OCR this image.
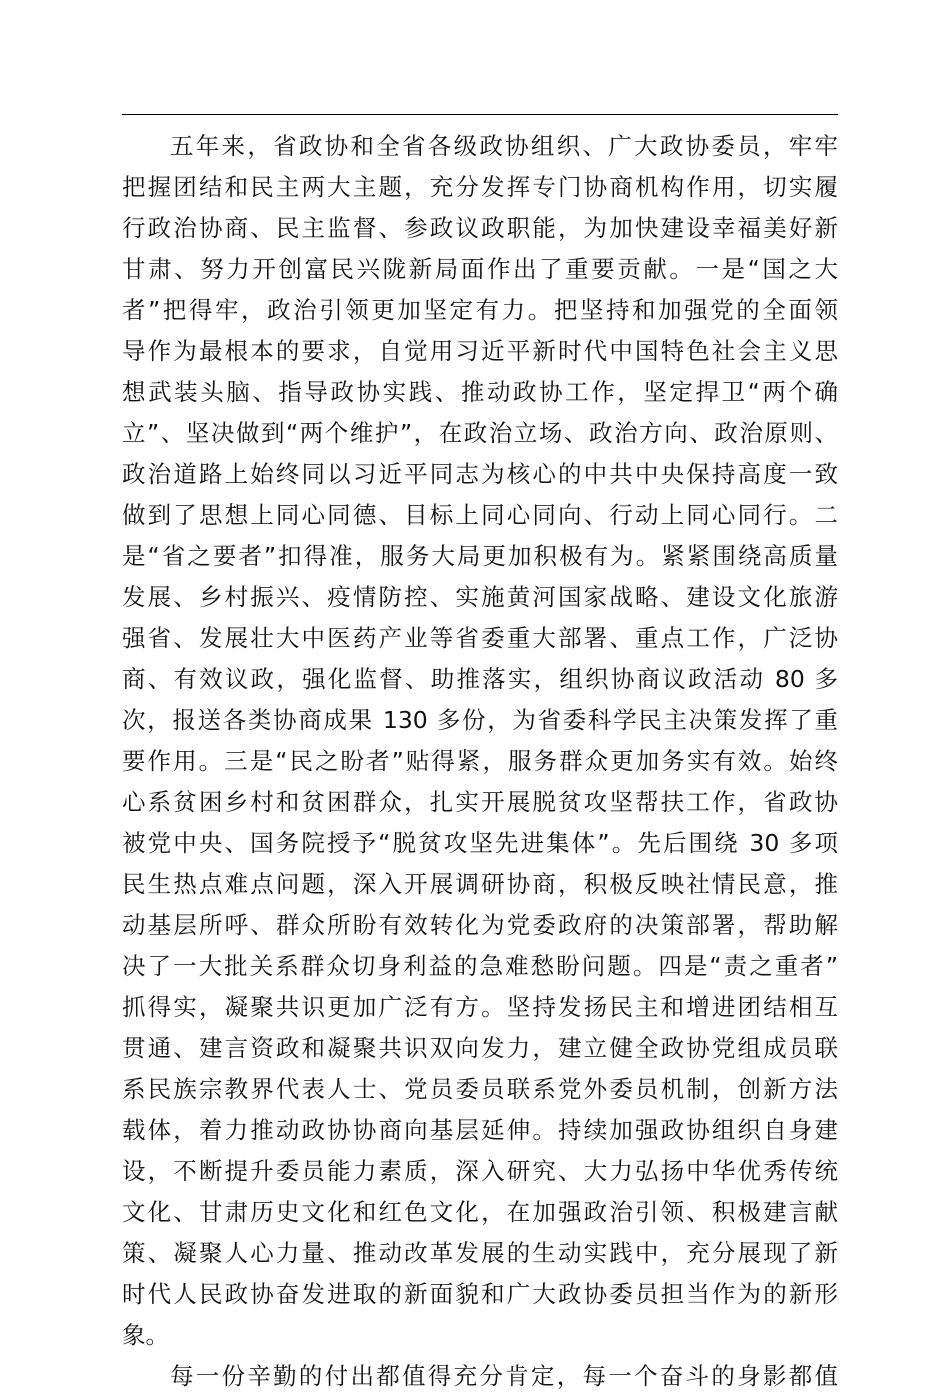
五年来，省政协和全省各级政协组织、广大政协委员，牢牢
把握团结和民主两大主题，充分发挥专门协商机构作用，切实履
行政治协商、民主监督、参政议政职能，为加快建设幸福美好新
甘肃、努力开创富民兴陇新局面作出了重要贡献。一是“国之大
者”把得牢，政治引领更加坚定有力。把坚持和加强党的全面领
导作为最根本的要求，自觉用习近平新时代中国特色社会主义思
想武装头脑、指导政协实践、推动政协工作，坚定捍卫“两个确
立”、坚决做到“两个维护”，在政治立场、政治方向、政治原则、
政治道路上始终同以习近平同志为核心的中共中央保持高度一致
做到了思想上同心同德、目标上同心同向、行动上同心同行。二
是“省之要者”扣得准，服务大局更加积极有为。紧紧围绕高质量
发展、乡村振兴、疫情防控、实施黄河国家战略、建设文化旅游
强省、发展壮大中医药产业等省委重大部署、重点工作，广泛协
商、有效议政，强化监督、助推落实，组织协商议政活动 80 多
次，报送各类协商成果 130 多份，为省委科学民主决策发挥了重
要作用。三是“民之盼者”贴得紧，服务群众更加务实有效。始终
心系贫困乡村和贫困群众，扎实开展脱贫攻坚帮扶工作，省政协
被党中央、国务院授予“脱贫攻坚先进集体”。先后围绕 30 多项
民生热点难点问题，深入开展调研协商，积极反映社情民意，推
动基层所呼、群众所盼有效转化为党委政府的决策部署，帮助解
决了一大批关系群众切身利益的急难愁盼问题。四是“责之重者”
抓得实，凝聚共识更加广泛有方。坚持发扬民主和增进团结相互
贯通、建言资政和凝聚共识双向发力，建立健全政协党组成员联
系民族宗教界代表人士、党员委员联系党外委员机制，创新方法
载体，着力推动政协协商向基层延伸。持续加强政协组织自身建
设，不断提升委员能力素质，深入研究、大力弘扬中华优秀传统
文化、甘肃历史文化和红色文化，在加强政治引领、积极建言献
策、凝聚人心力量、推动改革发展的生动实践中，充分展现了新
时代人民政协奋发进取的新面貌和广大政协委员担当作为的新形
象。
每一份辛勤的付出都值得充分肯定，每一个奋斗的身影都值
